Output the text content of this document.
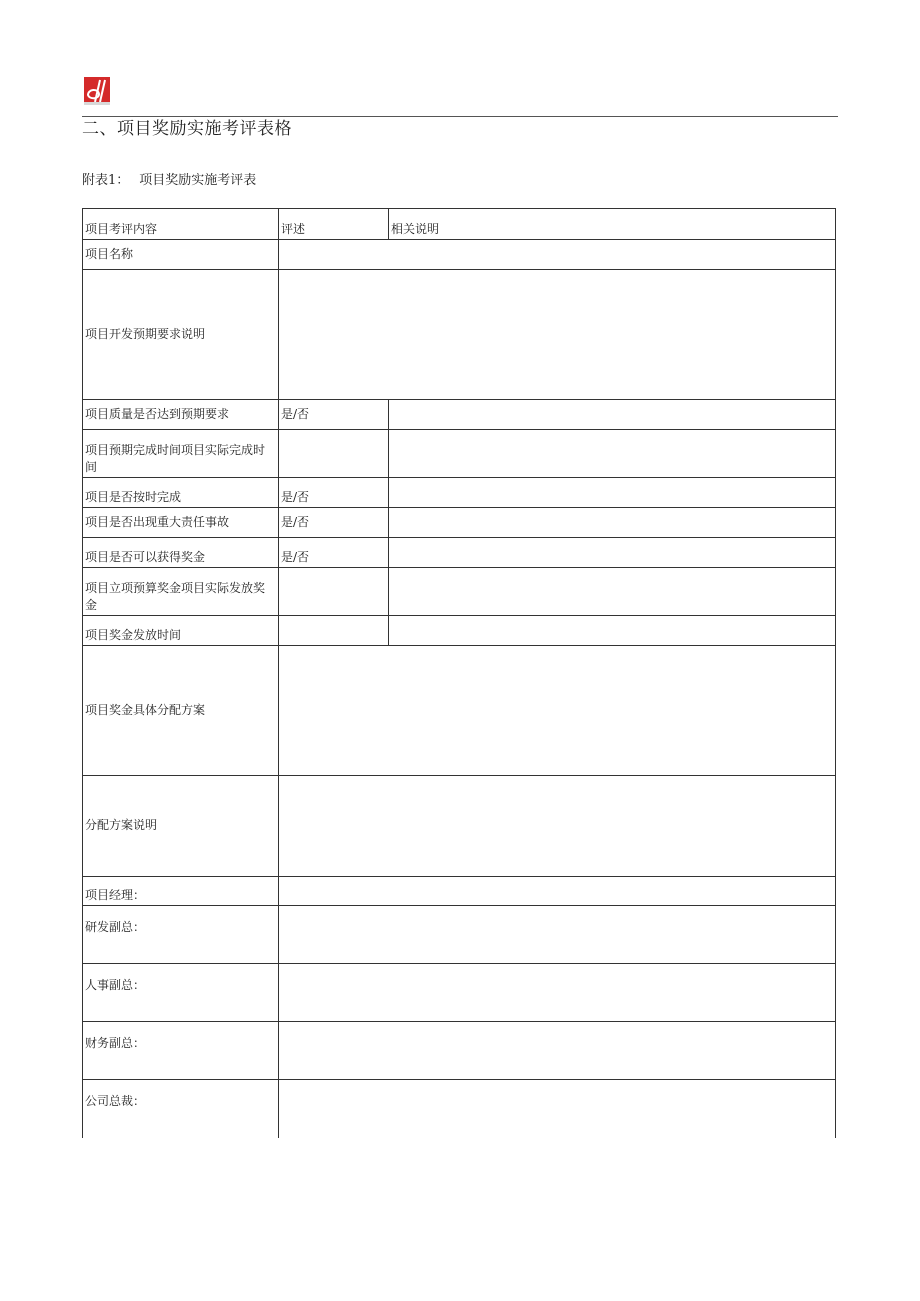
二、项目奖励实施考评表格
附表1： 项目奖励实施考评表
项目考评内容	评述	相关说明
项目名称		
项目开发预期要求说明		
项目质量是否达到预期要求	是/否	
项目预期完成时间项目实际完成时间		
项目是否按时完成	是/否	
项目是否出现重大责任事故	是/否	
项目是否可以获得奖金	是/否	
项目立项预算奖金项目实际发放奖金		
项目奖金发放时间		
项目奖金具体分配方案		
分配方案说明		
项目经理：		
研发副总：		
人事副总：		
财务副总：		
公司总裁：		
